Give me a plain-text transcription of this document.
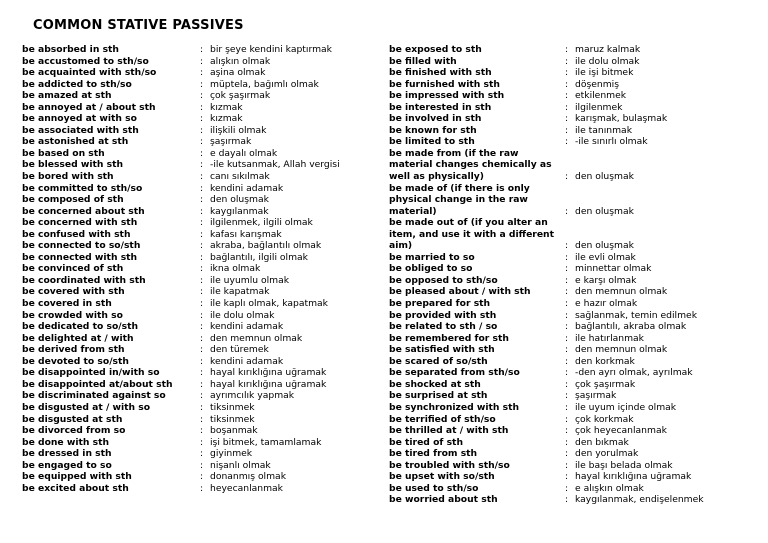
COMMON STATIVE PASSIVES
be absorbed in sth	: bir şeye kendini kaptırmak
be accustomed to sth/so	: alışkın olmak
be acquainted with sth/so	: aşina olmak
be addicted to sth/so	: müptela, bağımlı olmak
be amazed at sth	: çok şaşırmak
be annoyed at / about sth	: kızmak
be annoyed at with so	: kızmak
be associated with sth	: ilişkili olmak
be astonished at sth	: şaşırmak
be based on sth	: e dayalı olmak
be blessed with sth	: -ile kutsanmak, Allah vergisi
be bored with sth	: canı sıkılmak
be committed to sth/so	: kendini adamak
be composed of sth	: den oluşmak
be concerned about sth	: kaygılanmak
be concerned with sth	: ilgilenmek, ilgili olmak
be confused with sth	: kafası karışmak
be connected to so/sth	: akraba, bağlantılı olmak
be connected with sth	: bağlantılı, ilgili olmak
be convinced of sth	: ikna olmak
be coordinated with sth	: ile uyumlu olmak
be covered with sth	: ile kapatmak
be covered in sth	: ile kaplı olmak, kapatmak
be crowded with so	: ile dolu olmak
be dedicated to so/sth	: kendini adamak
be delighted at / with	: den memnun olmak
be derived from sth	: den türemek
be devoted to so/sth	: kendini adamak
be disappointed in/with so	: hayal kırıklığına uğramak
be disappointed at/about sth	: hayal kırıklığına uğramak
be discriminated against so	: ayrımcılık yapmak
be disgusted at / with so	: tiksinmek
be disgusted at sth	: tiksinmek
be divorced from so	: boşanmak
be done with sth	: işi bitmek, tamamlamak
be dressed in sth	: giyinmek
be engaged to so	: nişanlı olmak
be equipped with sth	: donanmış olmak
be excited about sth	: heyecanlanmak
be exposed to sth	: maruz kalmak
be filled with	: ile dolu olmak
be finished with sth	: ile işi bitmek
be furnished with sth	: döşenmiş
be impressed with sth	: etkilenmek
be interested in sth	: ilgilenmek
be involved in sth	: karışmak, bulaşmak
be known for sth	: ile tanınmak
be limited to sth	: -ile sınırlı olmak
be made from (if the raw
material changes chemically as
well as physically)	: den oluşmak
be made of (if there is only
physical change in the raw
material)	: den oluşmak
be made out of (if you alter an
item, and use it with a different
aim)	: den oluşmak
be married to so	: ile evli olmak
be obliged to so	: minnettar olmak
be opposed to sth/so	: e karşı olmak
be pleased about / with sth	: den memnun olmak
be prepared for sth	: e hazır olmak
be provided with sth	: sağlanmak, temin edilmek
be related to sth / so	: bağlantılı, akraba olmak
be remembered for sth	: ile hatırlanmak
be satisfied with sth	: den memnun olmak
be scared of so/sth	: den korkmak
be separated from sth/so	: -den ayrı olmak, ayrılmak
be shocked at sth	: çok şaşırmak
be surprised at sth	: şaşırmak
be synchronized with sth	: ile uyum içinde olmak
be terrified of sth/so	: çok korkmak
be thrilled at / with sth	: çok heyecanlanmak
be tired of sth	: den bıkmak
be tired from sth	: den yorulmak
be troubled with sth/so	: ile başı belada olmak
be upset with so/sth	: hayal kırıklığına uğramak
be used to sth/so	: e alışkın olmak
be worried about sth	: kaygılanmak, endişelenmek
